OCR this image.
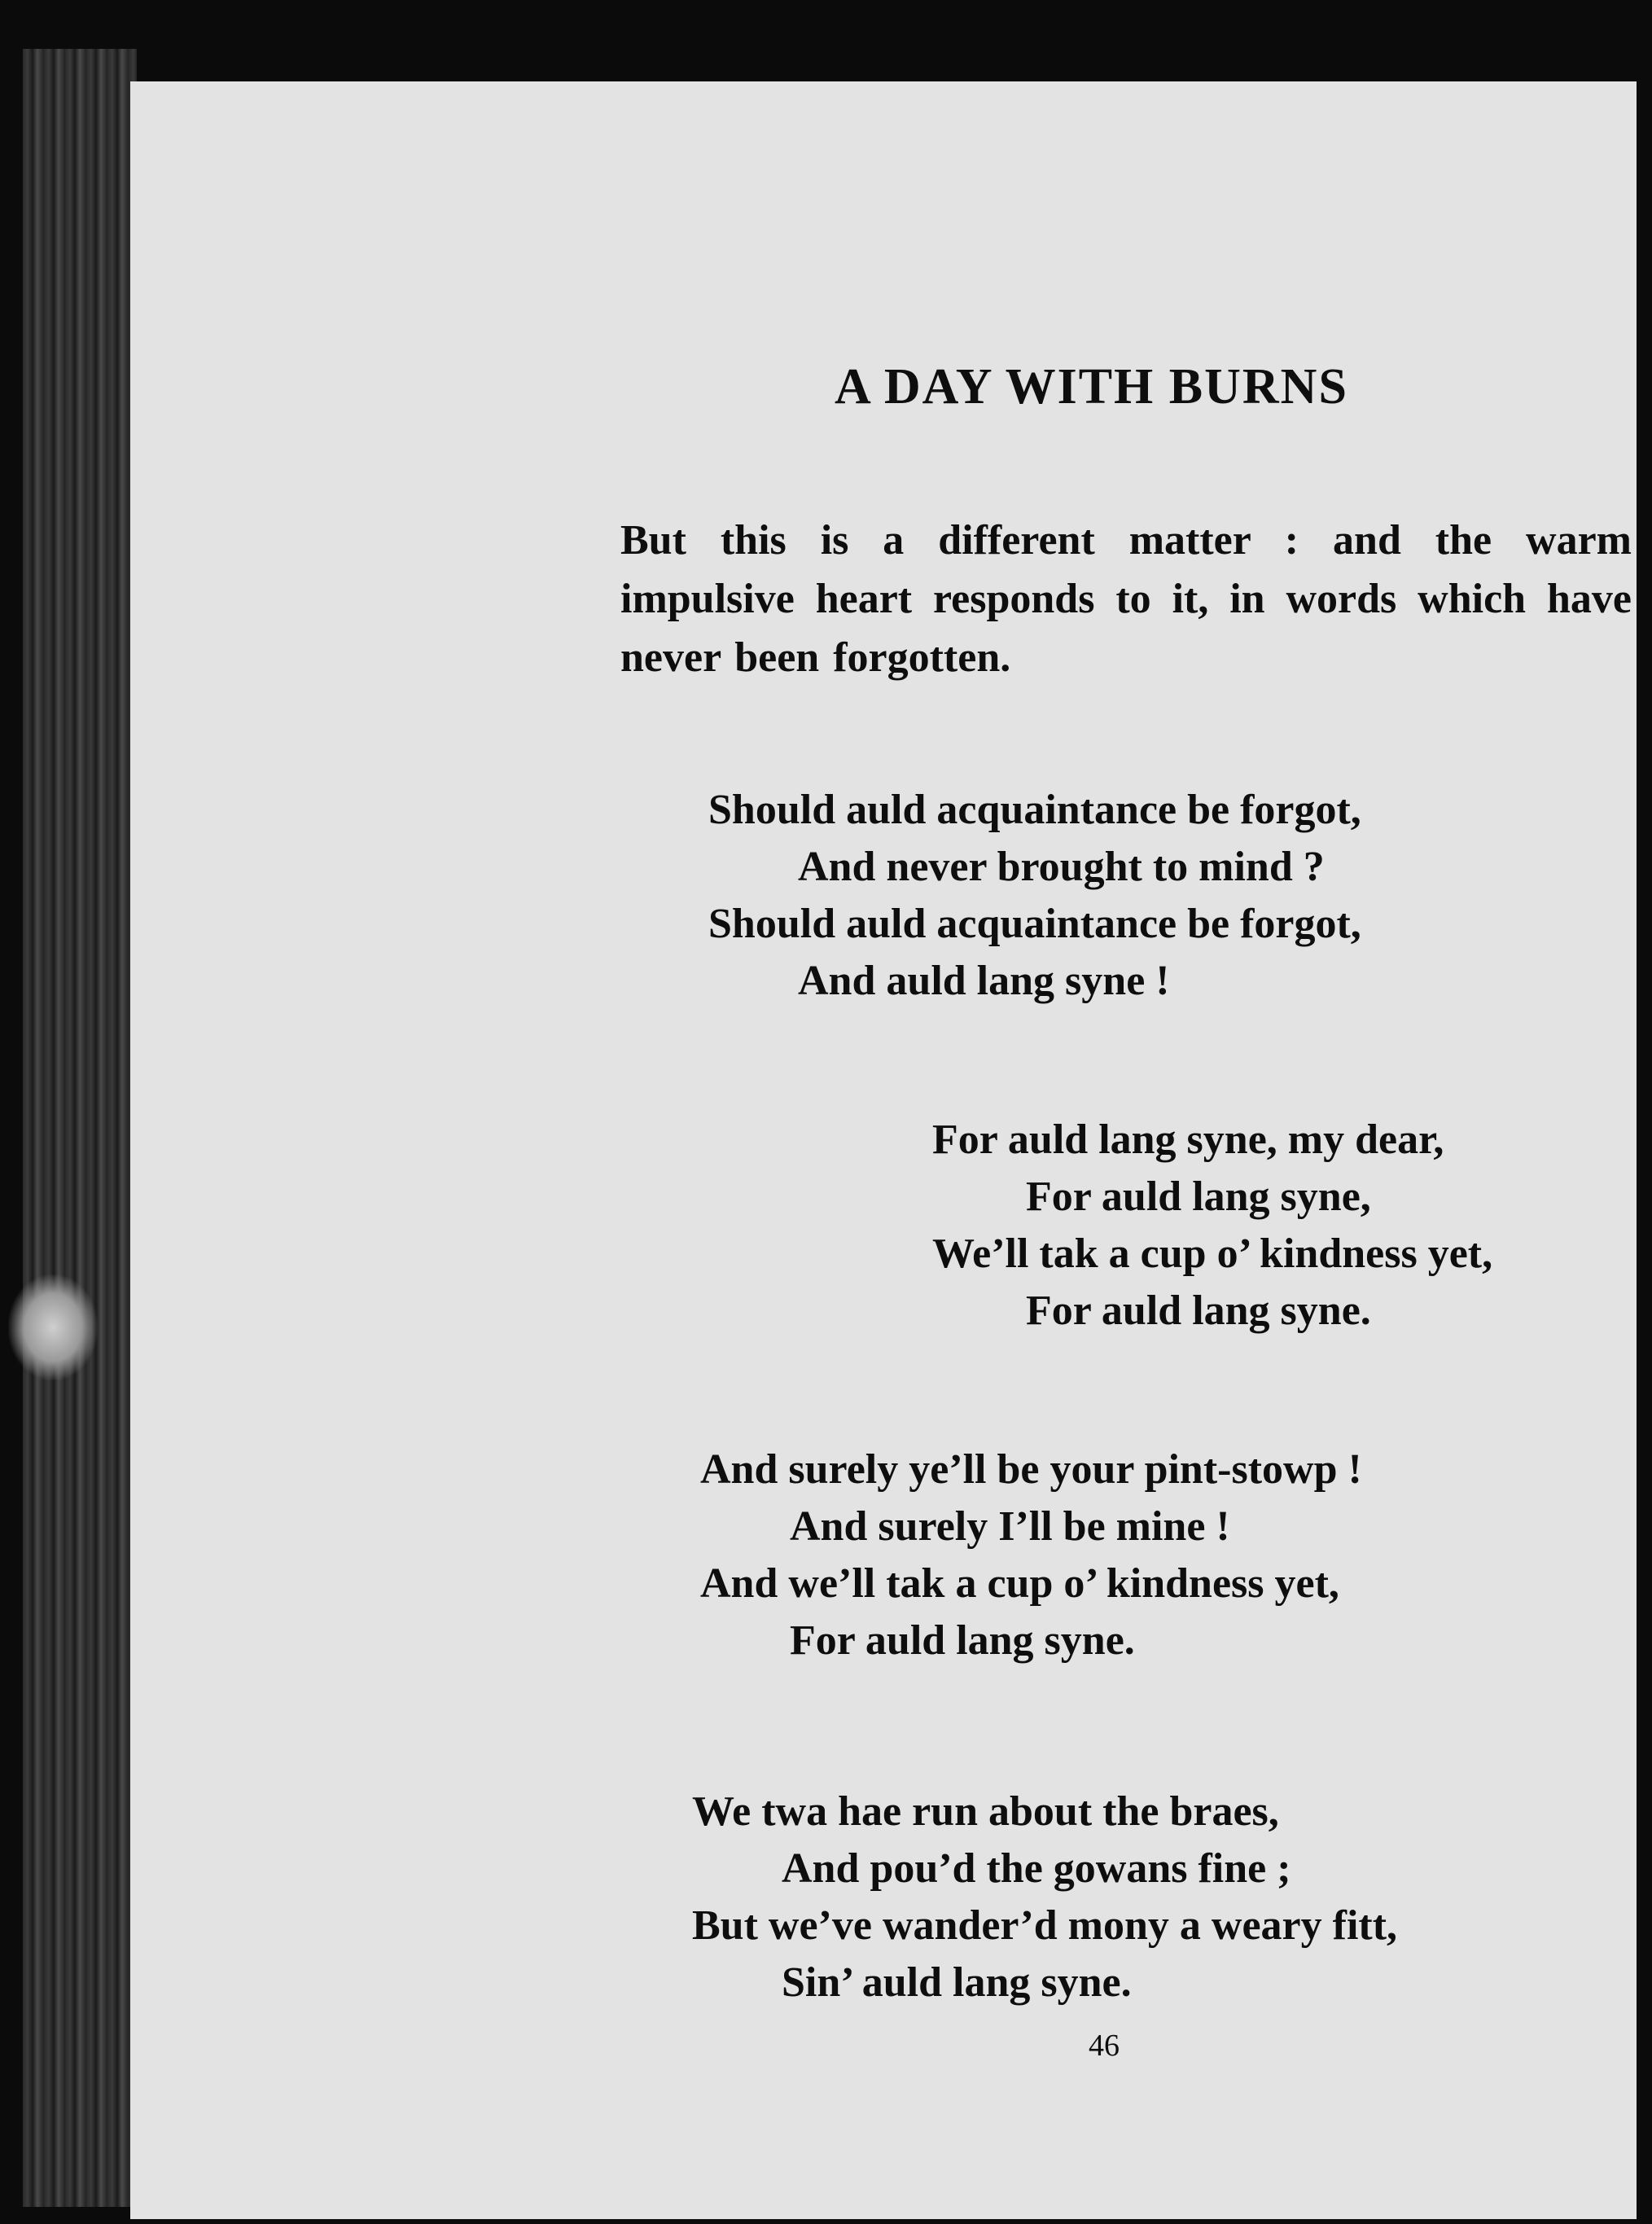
A DAY WITH BURNS

But this is a different matter : and the warm impulsive heart responds to it, in words which have never been forgotten.

Should auld acquaintance be forgot,
And never brought to mind ?
Should auld acquaintance be forgot,
And auld lang syne !
For auld lang syne, my dear,
For auld lang syne,
We’ll tak a cup o’ kindness yet,
For auld lang syne.
And surely ye’ll be your pint-stowp !
And surely I’ll be mine !
And we’ll tak a cup o’ kindness yet,
For auld lang syne.
We twa hae run about the braes,
And pou’d the gowans fine ;
But we’ve wander’d mony a weary fitt,
Sin’ auld lang syne.
46
